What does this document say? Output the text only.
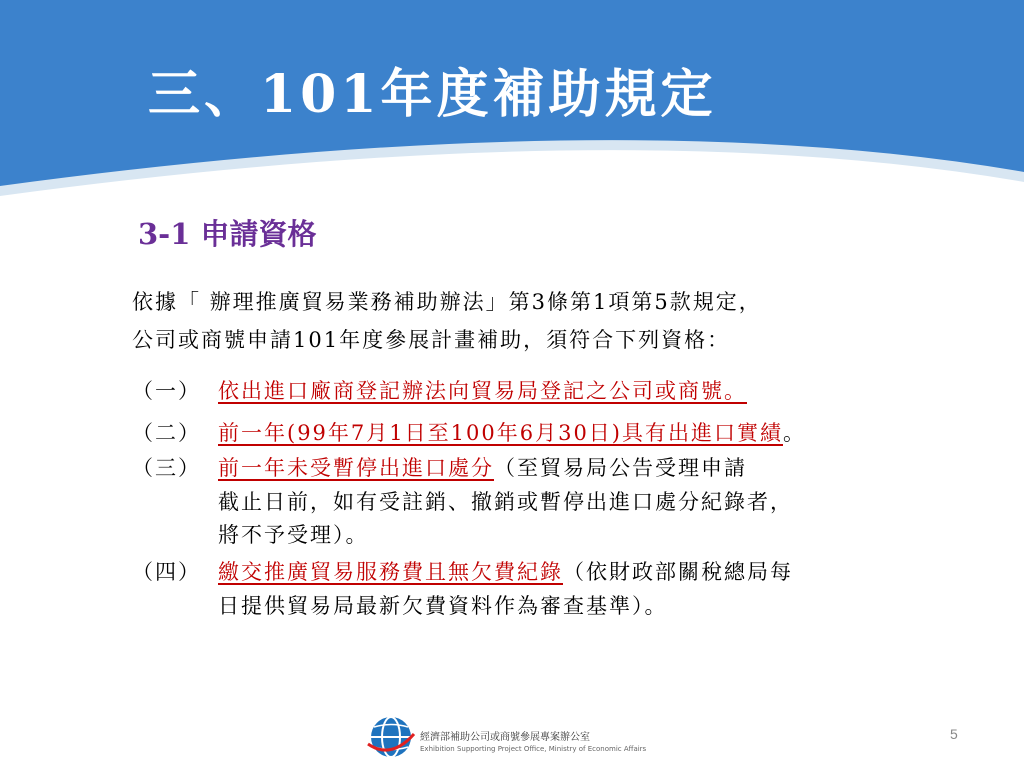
三、101年度補助規定
3-1 申請資格
依據「 辦理推廣貿易業務補助辦法」第3條第1項第5款規定，
公司或商號申請101年度參展計畫補助，須符合下列資格：
（一） 依出進口廠商登記辦法向貿易局登記之公司或商號。
（二） 前一年(99年7月1日至100年6月30日)具有出進口實績。
（三） 前一年未受暫停出進口處分（至貿易局公告受理申請
截止日前，如有受註銷、撤銷或暫停出進口處分紀錄者，
將不予受理）。
（四） 繳交推廣貿易服務費且無欠費紀錄（依財政部關稅總局每
日提供貿易局最新欠費資料作為審查基準）。
經濟部補助公司或商號參展專案辦公室
Exhibition Supporting Project Office, Ministry of Economic Affairs
5
